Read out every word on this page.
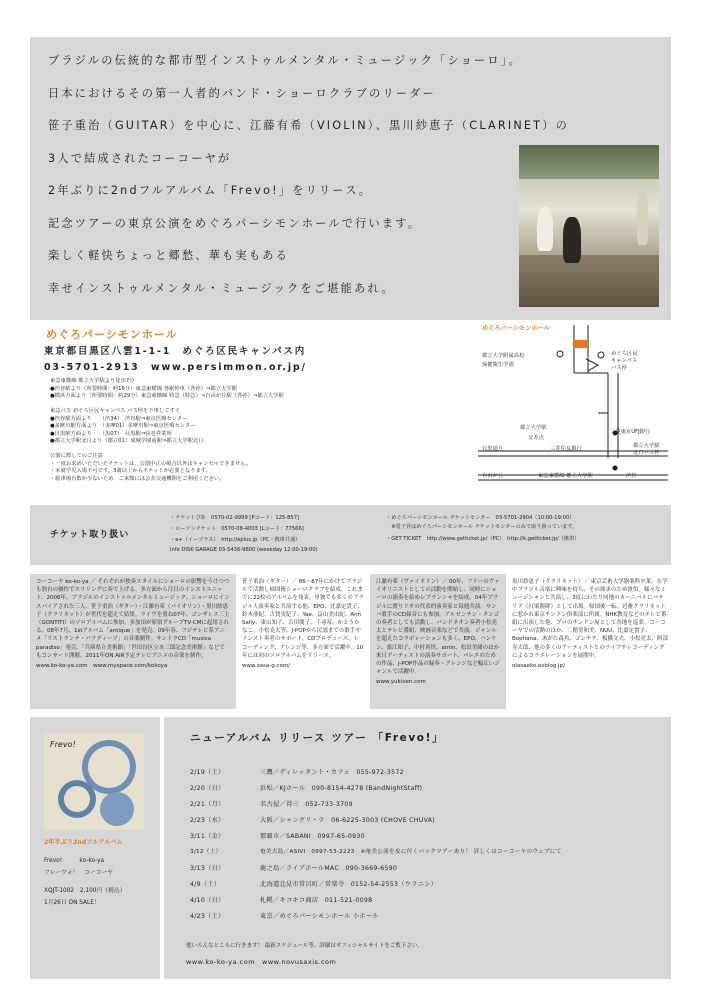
ブラジルの伝統的な都市型インストゥルメンタル・ミュージック「ショーロ」。
日本におけるその第一人者的バンド・ショーロクラブのリーダー
笹子重治（GUITAR）を中心に、江藤有希（VIOLIN）、黒川紗恵子（CLARINET）の
3人で結成されたコーコーヤが
2年ぶりに2ndフルアルバム「Frevo!」をリリース。
記念ツアーの東京公演をめぐろパーシモンホールで行います。
楽しく軽快ちょっと郷愁、華も実もある
幸せインストゥルメンタル・ミュージックをご堪能あれ。
めぐろパーシモンホール
東京都目黒区八雲1-1-1　めぐろ区民キャンパス内
03-5701-2913　www.persimmon.or.jp/
東急東横線 都立大学駅より徒歩7分
●渋谷駅より（所要時間：約16分）東急東横線 各駅停車（各停）⇒都立大学駅
●横浜方面より（所要時間：約29分）東急東横線 特急（特急）⇒自由が丘駅（各停）⇒都立大学駅
東急バス めぐろ区民キャンパス バス停を下車してすぐ
●渋谷駅方面より　　（渋34）　渋谷駅⇒東京医療センター
●多摩川駅方面より　（多摩01）多摩川駅⇒東京医療センター
●目黒駅方面より　　（黒07）　目黒駅⇒弦巻営業所
●都立大学駅北口より（都立01）成城学園前駅⇒都立大学駅北口
公演に際してのご注意
・一度お求めいただいたチケットは、公演中止の場合以外はキャンセルできません。
・未就学児入場不可です。3歳以上からチケットが必要となります。
・駐車場台数が少ないため、ご来館には公共交通機関をご利用ください。
めぐろパーシモンホール
都立大学附属高校
保健衛生学部
めぐろ区民
キャンパス
バス停
都立大学駅
交差点
三菱東京UFJ銀行
三井住友銀行
目黒通り	都立大学駅
北口バス停
自由が丘	東急東横線 都立大学駅	渋谷
チケット取り扱い
・チケットぴあ　0570-02-9999 [Pコード：125-857]
・ローソンチケット　0570-08-4003 [Lコード：77566]
・e+（イープラス）　http://eplus.jp（PC・携帯共通）
info DISK GARAGE 03-5436-9600 (weekday 12:00-19:00)
・めぐろパーシモンホール チケットセンター　03-5701-2904（10:00-19:00）
　※電子昇はめぐろパーシモンホール チケットセンターのみで取り扱っています。
・GET TICKET　http://www.getticket.jp/（PC）　http://k.getticket.jp/（携帯）

コーコーヤ ko-ko-ya ／ それぞれが独奏スタイルにショーロの影響をうけつつも独自の個性でスリリングに奏で上げる、多方面から注目のインストユニット。2006年、ブラジルのインストゥルメンタルミュージック、ショーロにインスパイアされた三人、笹子重治（ギター）・江藤有希（バイオリン）・黒川紗恵子（クラリネット）が世代を超えて結集。ライヴを重ね07年、ゴンザレス三上（GONTITI）のソロアルバムに参加。多加田が原宿グループTV-CMに起用される。08年7月、1stアルバム「antique」を発売。09年春、フジテレビ系アニメ「リストランテ・パラディーゾ」の音楽制作。サントラCD「musica paradiso」発売。「兵庫県立美術館」「世田谷区立本三郎記念美術館」などでもコンサート開催。2011年ON AIR予定テレビアニメの音楽を制作。

www.ko-ko-ya.com　www.myspace.com/kokoya

笹子重治（ギター）／ 86〜87年にかけてブラジルで活動し帰国後ショーロクラブを結成、これまでに22枚のアルバムを発表。単独でも多くのブラジル人演奏家と共演する他、EPO、比嘉定貴子、鈴木亜紀、古賀実紀子、Yae、畠山美由紀、Ann Sally、東山知子、吉田慶子、千尋莓、かとうかなこ、小松尭太等、J-POPから民謡までの歌手やインスト奏者のサポート、CDプロデュース、レコーディング、アレンジ等、多方面で活躍中。10年には初のソロアルバムをリリース。

www.sasa-g.com/

江藤有希（ヴァイオリン）／ 00年、フリーのヴァイオリニストとしての活動を開始し、同時にショーロの演奏を始めレブランシャを結成。04年ブラジルに渡りリオの代表的演奏家と毎週共演。サンバ歌手のCD録音にも参加。アルゼンチン・タンゴの奏者としても活動し、バンドネオン奏者小松尭太とテレビ番組、映画音楽などで共演。ジャンルを超えたコラボレーションも多く、EPO、ハンケン、桑江知子、中村善悟、amin、松田美緒のほか来日アーティストの演奏サポート、バレエのための作品、J-POP作品の録奏・アレンジなど幅広いジャンルで活躍中。

www.yukiven.com

黒川紗恵子（クラリネット）／ 東京芸術大学器楽科卒業。在学中ブラジル音楽に興味を持ち、その探求のため渡伯。様々なミュージシャンと共演し、3度にわたり同地のカーニバルにバテリア（打楽器隊）として出場。帰国後一転、辺雅クラリネットに惹かれ東京チンドン倶楽部に所属。NHK教育などのテレビ番組に出演した他、プロのチンドン屋として各地を巡業。コーコーヤでの活動のほか、二階堂和美、NUU、比嘉定貴子、Bophana、あがた森魚、ゴンチチ、板橋文夫、小松亮太、阿部寿太郎、他の多くのアーティストとのライブやレコーディングによるコラボレーションを展開中。

olasaeko.exblog.jp/

Frevo!
2年半ぶり2ndフルアルバム
Frevo!　　　ko-ko-ya
フレーヴォ！　コーコーヤ
XQJT-1002　2,100円（税込）
1月26日 ON SALE！
ニューアルバム リリース ツアー 「Frevo!」
2/19（土）	三鷹／ディレッタント・カフェ　055-972-3572
2/20（日）	浜松／KJホール　090-8154-4278 (BandNightStaff)
2/21（月）	名古屋／得三　052-733-3709
2/23（水）	大阪／シャングリ・ラ　06-6225-3003 (CHOVE CHUVA)
3/11（金）	那覇市／SABANI　0997-65-0930
3/12（土）	奄美大島／ASIVI　0997-53-2223　※奄美公演を皮に付くパックツアーあり！ 詳しくはコーコーヤのウェブにて
3/13（日）	鹿之島／ライブホールMAC　090-3669-6590
4/9（土）	北海道北見市常呂町／常楽寺　0152-54-2553（ウラニシ）
4/10（日）	札幌／キコキコ商店　011-521-0098
4/23（土）	東京／めぐろパーシモンホール 小ホール
他いろんなところに行きます！ 最新スケジュール等、詳細はオフィシャルサイトをご覧下さい。
www.ko-ko-ya.com　www.novusaxis.com
